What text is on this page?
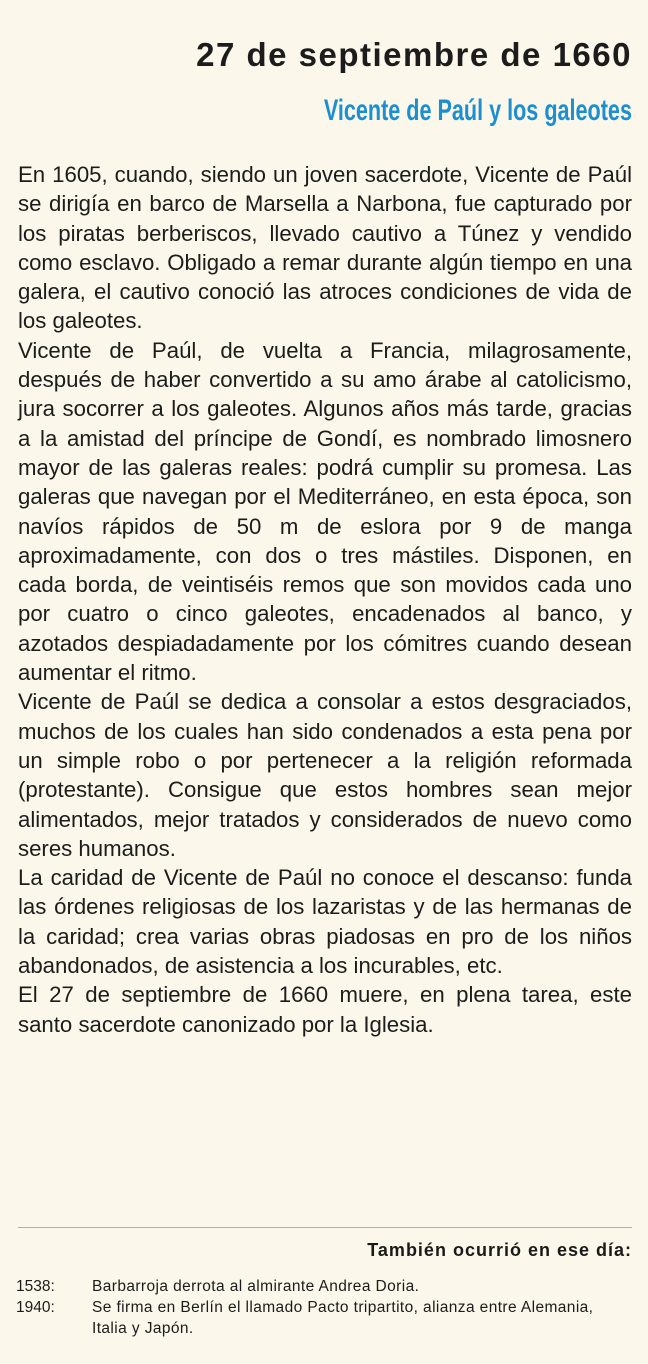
27 de septiembre de 1660
Vicente de Paúl y los galeotes

En 1605, cuando, siendo un joven sacerdote, Vicente de Paúl se dirigía en barco de Marsella a Narbona, fue capturado por los piratas berberiscos, llevado cautivo a Túnez y vendido como esclavo. Obligado a remar durante algún tiempo en una galera, el cautivo conoció las atroces condiciones de vida de los galeotes.

Vicente de Paúl, de vuelta a Francia, milagrosamente, después de haber convertido a su amo árabe al catolicismo, jura socorrer a los galeotes. Algunos años más tarde, gracias a la amistad del príncipe de Gondí, es nombrado limosnero mayor de las galeras reales: podrá cumplir su promesa. Las galeras que navegan por el Mediterráneo, en esta época, son navíos rápidos de 50 m de eslora por 9 de manga aproximadamente, con dos o tres mástiles. Disponen, en cada borda, de veintiséis remos que son movidos cada uno por cuatro o cinco galeotes, encadenados al banco, y azotados despiadadamente por los cómitres cuando desean aumentar el ritmo.

Vicente de Paúl se dedica a consolar a estos desgraciados, muchos de los cuales han sido condenados a esta pena por un simple robo o por pertenecer a la religión reformada (protestante). Consigue que estos hombres sean mejor alimentados, mejor tratados y considerados de nuevo como seres humanos.

La caridad de Vicente de Paúl no conoce el descanso: funda las órdenes religiosas de los lazaristas y de las hermanas de la caridad; crea varias obras piadosas en pro de los niños abandonados, de asistencia a los incurables, etc.

El 27 de septiembre de 1660 muere, en plena tarea, este santo sacerdote canonizado por la Iglesia.

También ocurrió en ese día:
1538:	Barbarroja derrota al almirante Andrea Doria.
1940:	Se firma en Berlín el llamado Pacto tripartito, alianza entre Alemania, Italia y Japón.
